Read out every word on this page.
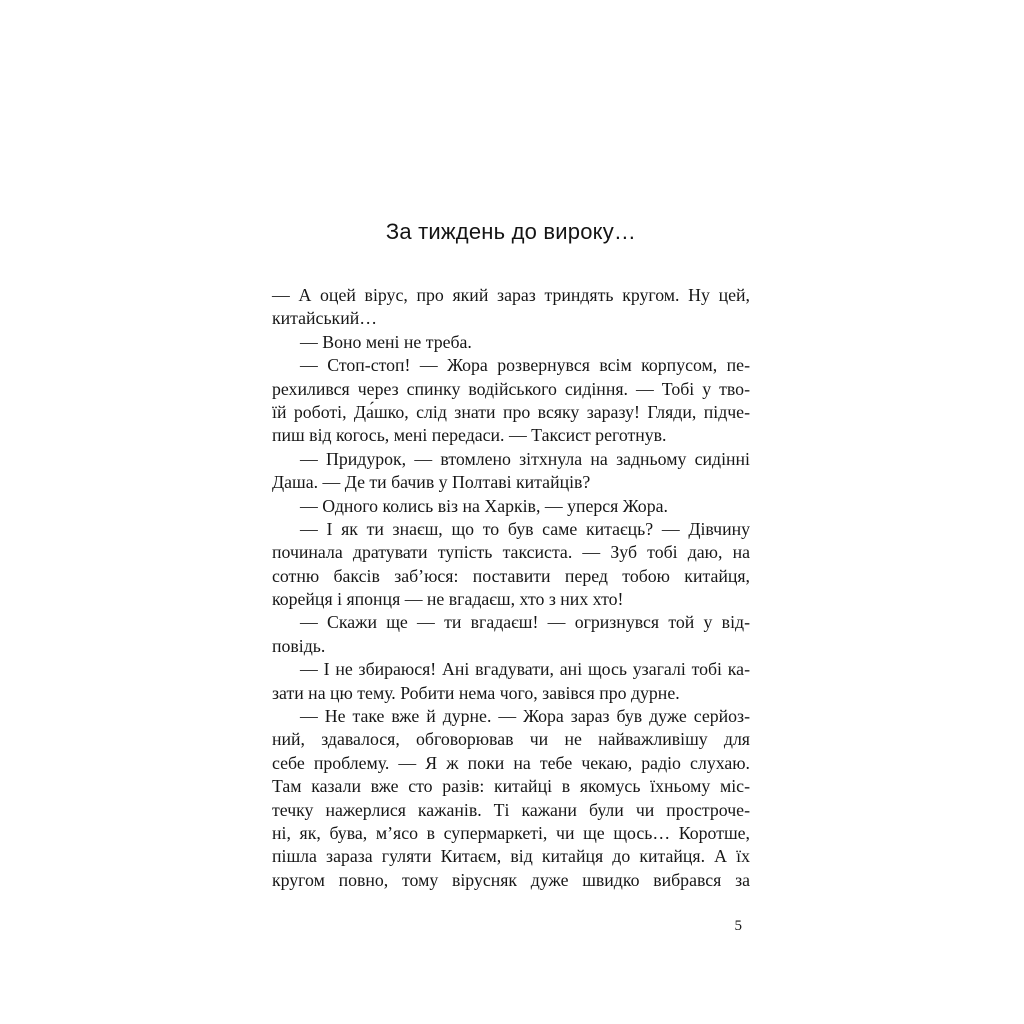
За тиждень до вироку…
— А оцей вірус, про який зараз триндять кругом. Ну цей,
китайський…
— Воно мені не треба.
— Стоп-стоп! — Жора розвернувся всім корпусом, пе-
рехилився через спинку водійського сидіння. — Тобі у тво-
їй роботі, Да́шко, слід знати про всяку заразу! Гляди, підче-
пиш від когось, мені передаси. — Таксист реготнув.
— Придурок, — втомлено зітхнула на задньому сидінні
Даша. — Де ти бачив у Полтаві китайців?
— Одного колись віз на Харків, — уперся Жора.
— І як ти знаєш, що то був саме китаєць? — Дівчину
починала дратувати тупість таксиста. — Зуб тобі даю, на
сотню баксів заб’юся: поставити перед тобою китайця,
корейця і японця — не вгадаєш, хто з них хто!
— Скажи ще — ти вгадаєш! — огризнувся той у від-
повідь.
— І не збираюся! Ані вгадувати, ані щось узагалі тобі ка-
зати на цю тему. Робити нема чого, завівся про дурне.
— Не таке вже й дурне. — Жора зараз був дуже серйоз-
ний, здавалося, обговорював чи не найважливішу для
себе проблему. — Я ж поки на тебе чекаю, радіо слухаю.
Там казали вже сто разів: китайці в якомусь їхньому міс-
течку нажерлися кажанів. Ті кажани були чи простроче-
ні, як, бува, м’ясо в супермаркеті, чи ще щось… Коротше,
пішла зараза гуляти Китаєм, від китайця до китайця. А їх
кругом повно, тому вірусняк дуже швидко вибрався за
5
